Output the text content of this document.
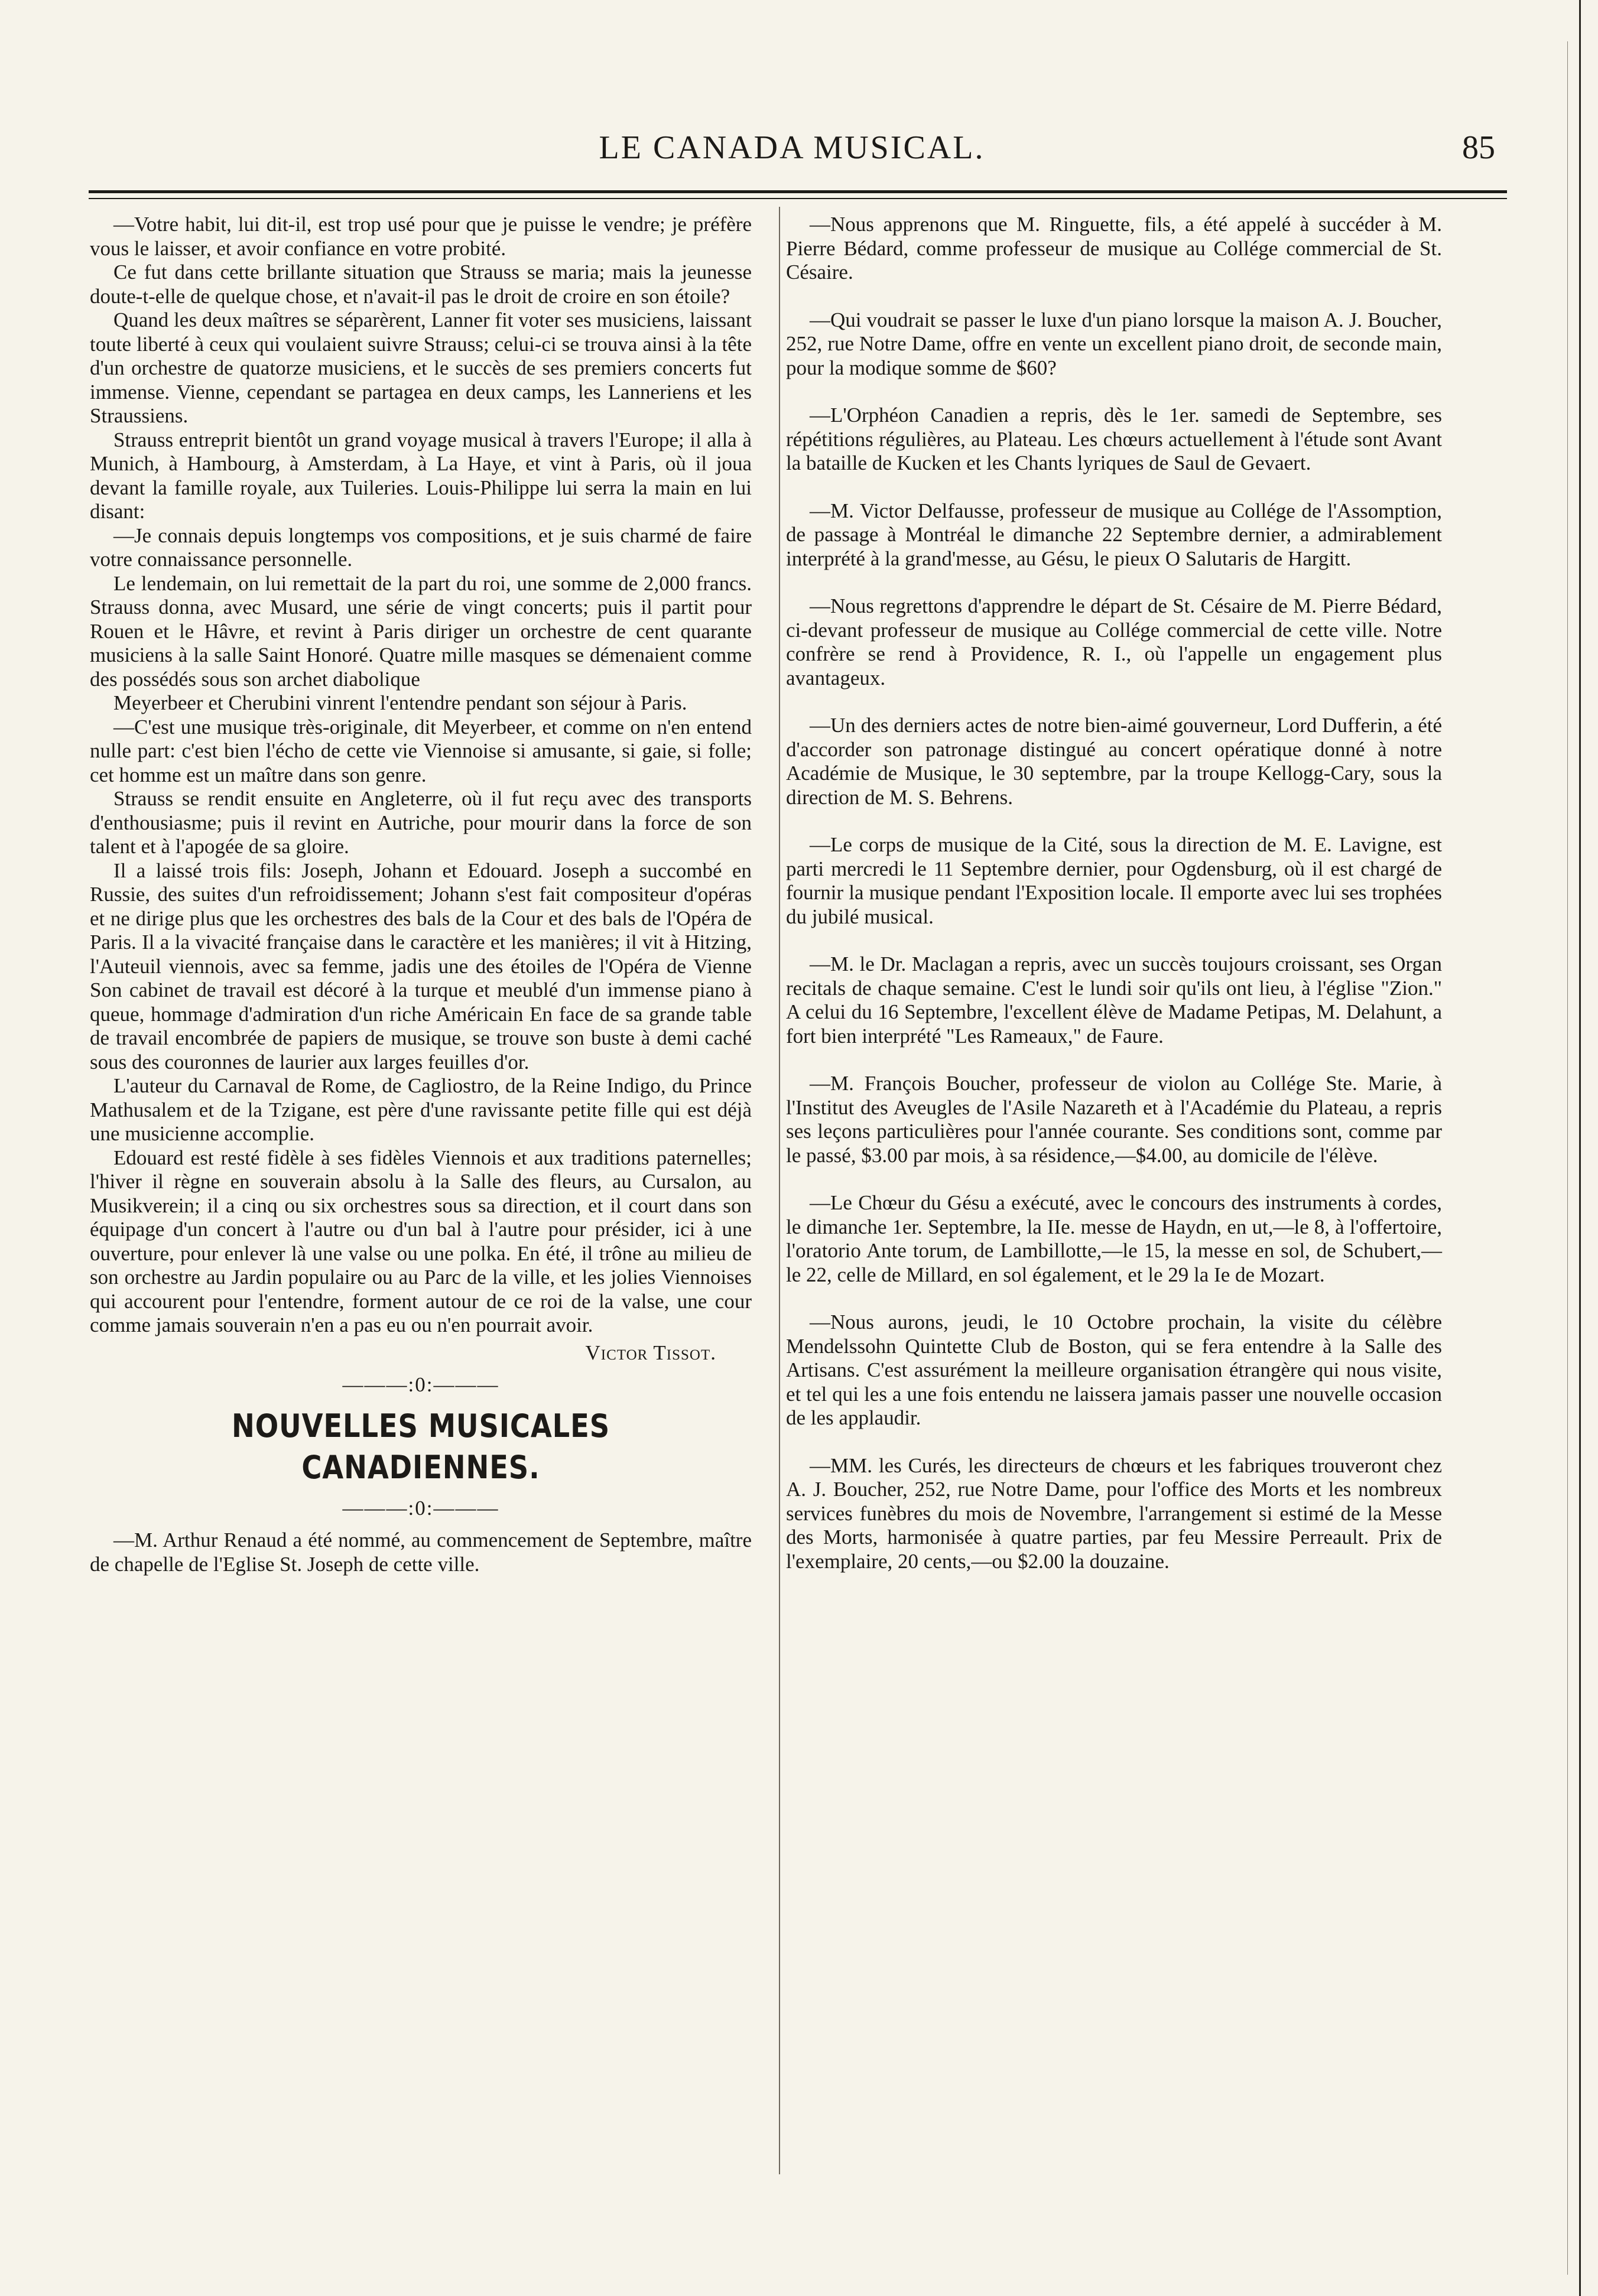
LE CANADA MUSICAL.	85

—Votre habit, lui dit-il, est trop usé pour que je puisse le vendre; je préfère vous le laisser, et avoir confiance en votre probité.

Ce fut dans cette brillante situation que Strauss se maria; mais la jeunesse doute-t-elle de quelque chose, et n'avait-il pas le droit de croire en son étoile?

Quand les deux maîtres se séparèrent, Lanner fit voter ses musiciens, laissant toute liberté à ceux qui voulaient suivre Strauss; celui-ci se trouva ainsi à la tête d'un orchestre de quatorze musiciens, et le succès de ses premiers concerts fut immense. Vienne, cependant se partagea en deux camps, les Lanneriens et les Straussiens.

Strauss entreprit bientôt un grand voyage musical à travers l'Europe; il alla à Munich, à Hambourg, à Amsterdam, à La Haye, et vint à Paris, où il joua devant la famille royale, aux Tuileries. Louis-Philippe lui serra la main en lui disant:

—Je connais depuis longtemps vos compositions, et je suis charmé de faire votre connaissance personnelle.

Le lendemain, on lui remettait de la part du roi, une somme de 2,000 francs. Strauss donna, avec Musard, une série de vingt concerts; puis il partit pour Rouen et le Hâvre, et revint à Paris diriger un orchestre de cent quarante musiciens à la salle Saint Honoré. Quatre mille masques se démenaient comme des possédés sous son archet diabolique

Meyerbeer et Cherubini vinrent l'entendre pendant son séjour à Paris.

—C'est une musique très-originale, dit Meyerbeer, et comme on n'en entend nulle part: c'est bien l'écho de cette vie Viennoise si amusante, si gaie, si folle; cet homme est un maître dans son genre.

Strauss se rendit ensuite en Angleterre, où il fut reçu avec des transports d'enthousiasme; puis il revint en Autriche, pour mourir dans la force de son talent et à l'apogée de sa gloire.

Il a laissé trois fils: Joseph, Johann et Edouard. Joseph a succombé en Russie, des suites d'un refroidissement; Johann s'est fait compositeur d'opéras et ne dirige plus que les orchestres des bals de la Cour et des bals de l'Opéra de Paris. Il a la vivacité française dans le caractère et les manières; il vit à Hitzing, l'Auteuil viennois, avec sa femme, jadis une des étoiles de l'Opéra de Vienne Son cabinet de travail est décoré à la turque et meublé d'un immense piano à queue, hommage d'admiration d'un riche Américain En face de sa grande table de travail encombrée de papiers de musique, se trouve son buste à demi caché sous des couronnes de laurier aux larges feuilles d'or.

L'auteur du Carnaval de Rome, de Cagliostro, de la Reine Indigo, du Prince Mathusalem et de la Tzigane, est père d'une ravissante petite fille qui est déjà une musicienne accomplie.

Edouard est resté fidèle à ses fidèles Viennois et aux traditions paternelles; l'hiver il règne en souverain absolu à la Salle des fleurs, au Cursalon, au Musikverein; il a cinq ou six orchestres sous sa direction, et il court dans son équipage d'un concert à l'autre ou d'un bal à l'autre pour présider, ici à une ouverture, pour enlever là une valse ou une polka. En été, il trône au milieu de son orchestre au Jardin populaire ou au Parc de la ville, et les jolies Viennoises qui accourent pour l'entendre, forment autour de ce roi de la valse, une cour comme jamais souverain n'en a pas eu ou n'en pourrait avoir.

Victor Tissot.

———:0:———

NOUVELLES MUSICALES CANADIENNES.

———:0:———

—M. Arthur Renaud a été nommé, au commencement de Septembre, maître de chapelle de l'Eglise St. Joseph de cette ville.

—Nous apprenons que M. Ringuette, fils, a été appelé à succéder à M. Pierre Bédard, comme professeur de musique au Collége commercial de St. Césaire.

—Qui voudrait se passer le luxe d'un piano lorsque la maison A. J. Boucher, 252, rue Notre Dame, offre en vente un excellent piano droit, de seconde main, pour la modique somme de $60?

—L'Orphéon Canadien a repris, dès le 1er. samedi de Septembre, ses répétitions régulières, au Plateau. Les chœurs actuellement à l'étude sont Avant la bataille de Kucken et les Chants lyriques de Saul de Gevaert.

—M. Victor Delfausse, professeur de musique au Collége de l'Assomption, de passage à Montréal le dimanche 22 Septembre dernier, a admirablement interprété à la grand'messe, au Gésu, le pieux O Salutaris de Hargitt.

—Nous regrettons d'apprendre le départ de St. Césaire de M. Pierre Bédard, ci-devant professeur de musique au Collége commercial de cette ville. Notre confrère se rend à Providence, R. I., où l'appelle un engagement plus avantageux.

—Un des derniers actes de notre bien-aimé gouverneur, Lord Dufferin, a été d'accorder son patronage distingué au concert opératique donné à notre Académie de Musique, le 30 septembre, par la troupe Kellogg-Cary, sous la direction de M. S. Behrens.

—Le corps de musique de la Cité, sous la direction de M. E. Lavigne, est parti mercredi le 11 Septembre dernier, pour Ogdensburg, où il est chargé de fournir la musique pendant l'Exposition locale. Il emporte avec lui ses trophées du jubilé musical.

—M. le Dr. Maclagan a repris, avec un succès toujours croissant, ses Organ recitals de chaque semaine. C'est le lundi soir qu'ils ont lieu, à l'église "Zion." A celui du 16 Septembre, l'excellent élève de Madame Petipas, M. Delahunt, a fort bien interprété "Les Rameaux," de Faure.

—M. François Boucher, professeur de violon au Collége Ste. Marie, à l'Institut des Aveugles de l'Asile Nazareth et à l'Académie du Plateau, a repris ses leçons particulières pour l'année courante. Ses conditions sont, comme par le passé, $3.00 par mois, à sa résidence,—$4.00, au domicile de l'élève.

—Le Chœur du Gésu a exécuté, avec le concours des instruments à cordes, le dimanche 1er. Septembre, la IIe. messe de Haydn, en ut,—le 8, à l'offertoire, l'oratorio Ante torum, de Lambillotte,—le 15, la messe en sol, de Schubert,—le 22, celle de Millard, en sol également, et le 29 la Ie de Mozart.

—Nous aurons, jeudi, le 10 Octobre prochain, la visite du célèbre Mendelssohn Quintette Club de Boston, qui se fera entendre à la Salle des Artisans. C'est assurément la meilleure organisation étrangère qui nous visite, et tel qui les a une fois entendu ne laissera jamais passer une nouvelle occasion de les applaudir.

—MM. les Curés, les directeurs de chœurs et les fabriques trouveront chez A. J. Boucher, 252, rue Notre Dame, pour l'office des Morts et les nombreux services funèbres du mois de Novembre, l'arrangement si estimé de la Messe des Morts, harmonisée à quatre parties, par feu Messire Perreault. Prix de l'exemplaire, 20 cents,—ou $2.00 la douzaine.
